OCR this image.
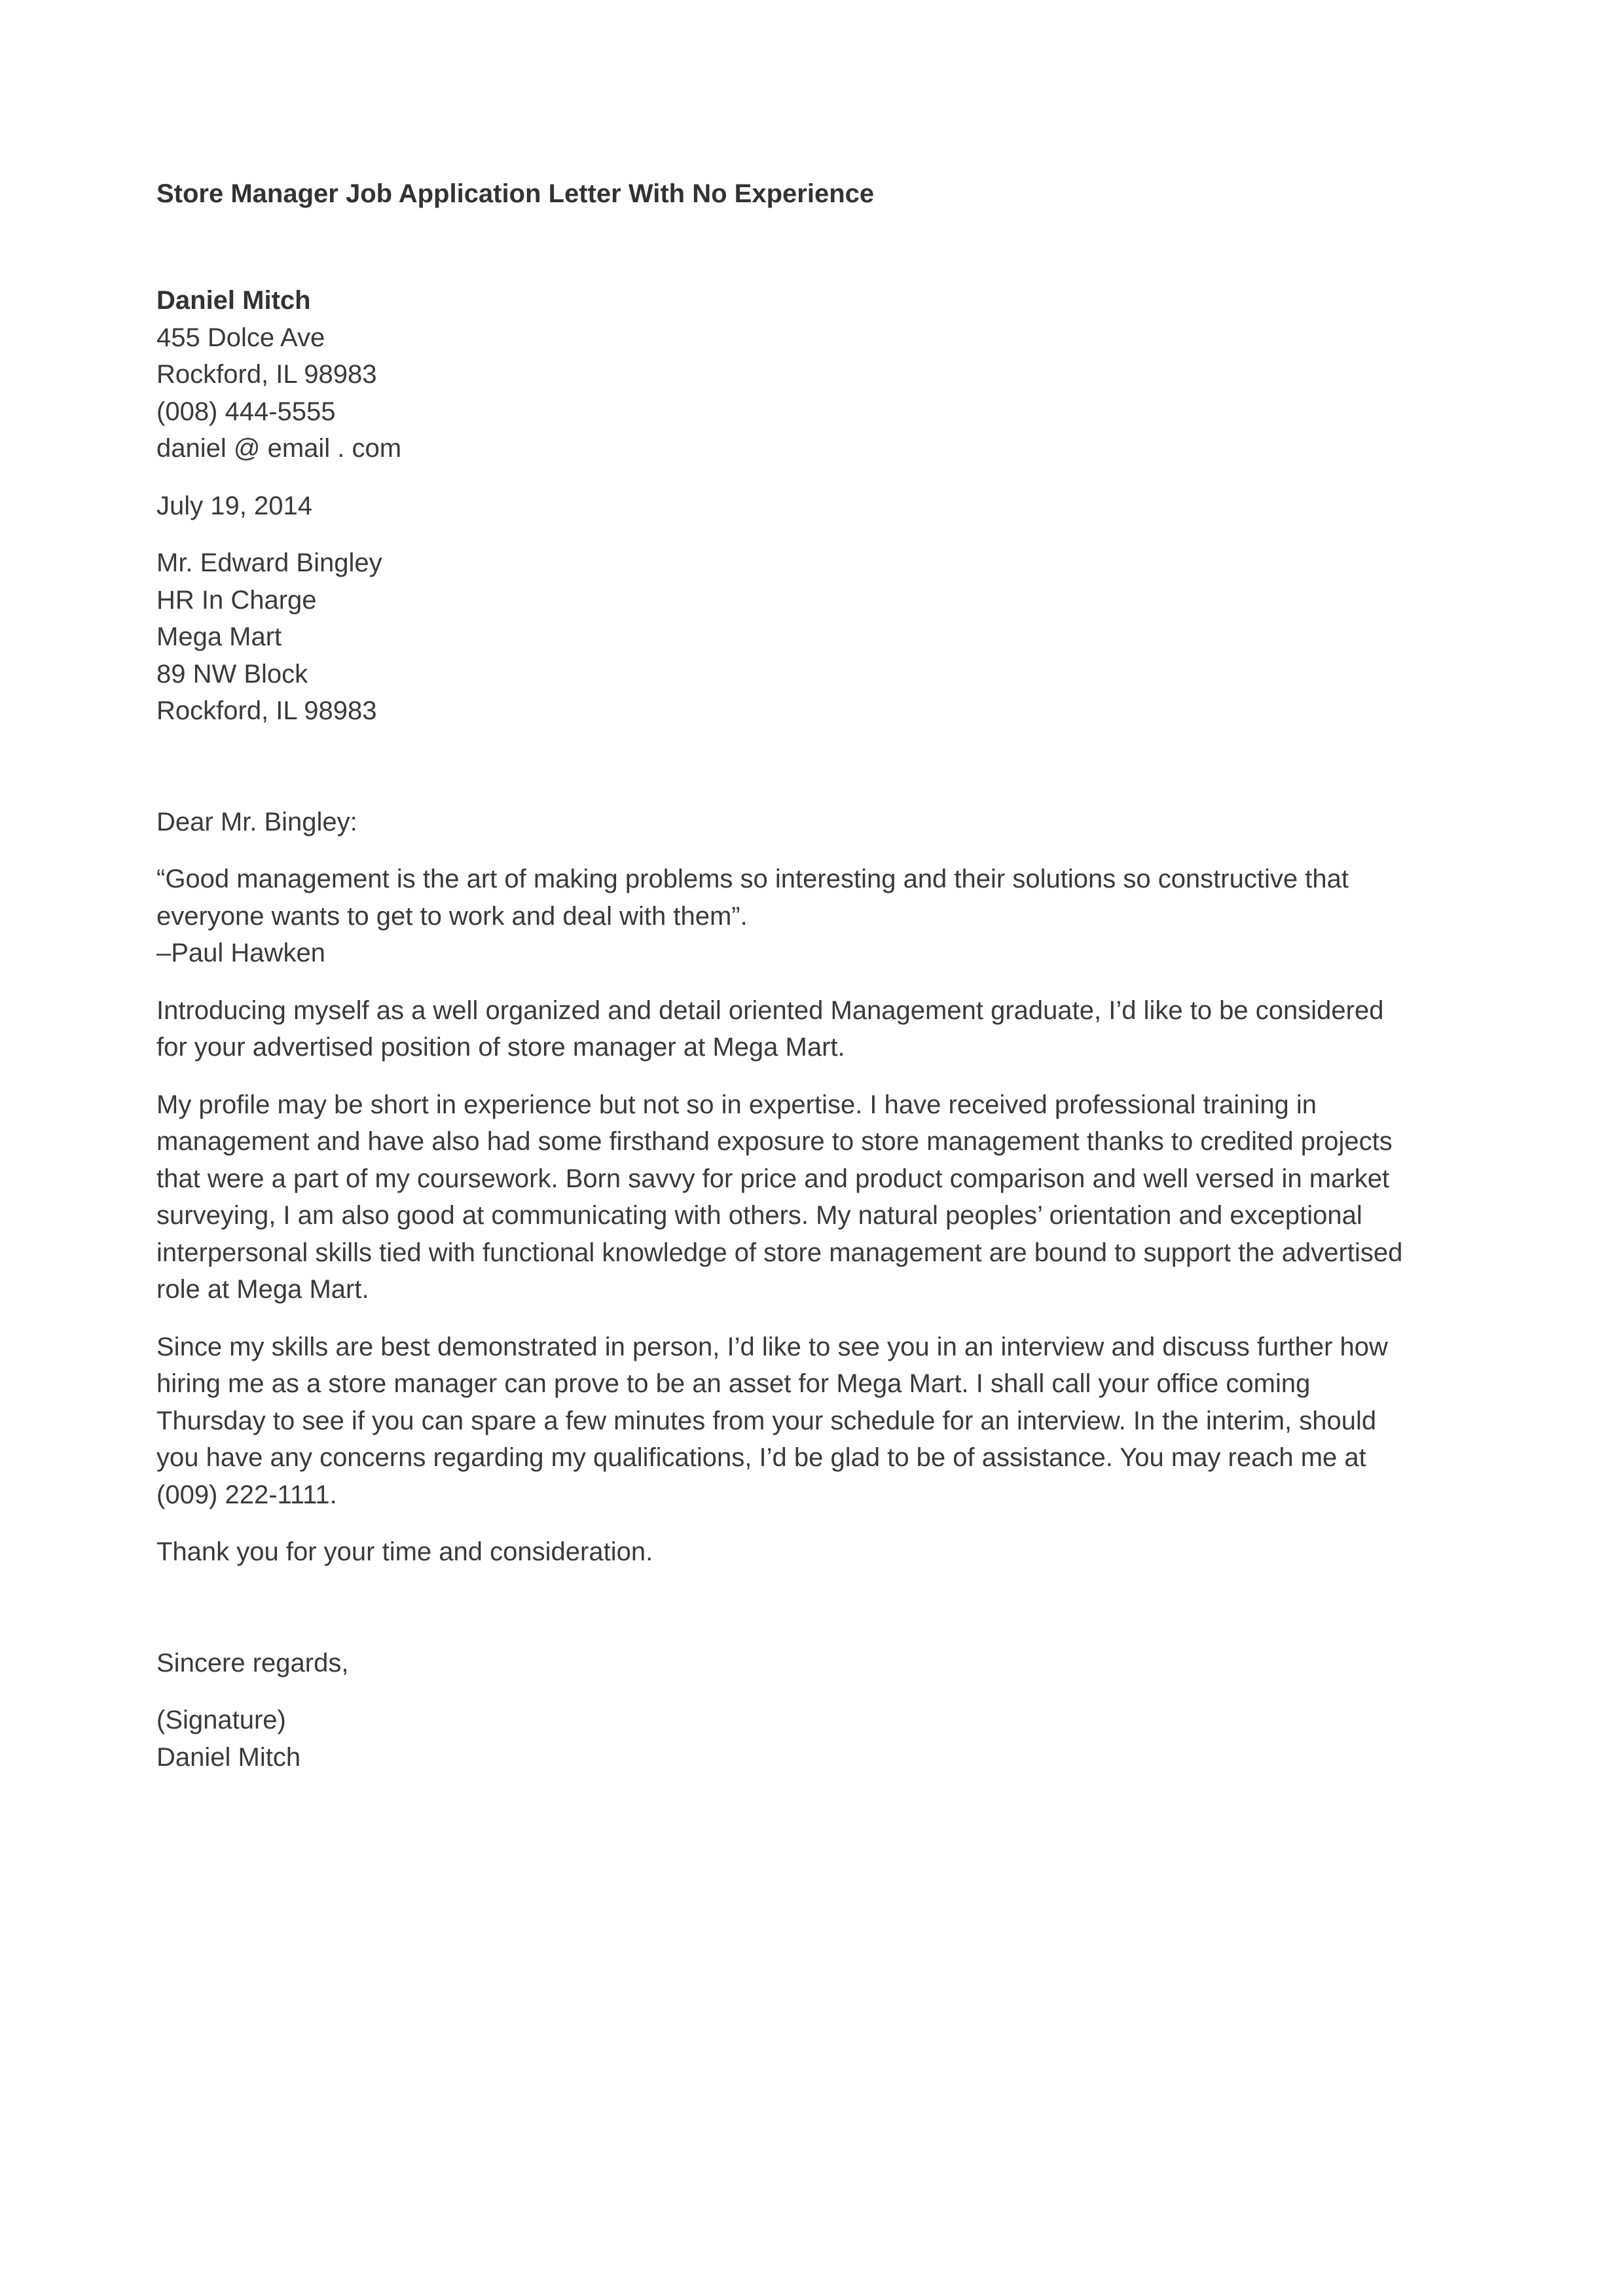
Store Manager Job Application Letter With No Experience
Daniel Mitch
455 Dolce Ave
Rockford, IL 98983
(008) 444-5555
daniel @ email . com
July 19, 2014
Mr. Edward Bingley
HR In Charge
Mega Mart
89 NW Block
Rockford, IL 98983
Dear Mr. Bingley:
“Good management is the art of making problems so interesting and their solutions so constructive that
everyone wants to get to work and deal with them”.
–Paul Hawken
Introducing myself as a well organized and detail oriented Management graduate, I’d like to be considered
for your advertised position of store manager at Mega Mart.
My profile may be short in experience but not so in expertise. I have received professional training in
management and have also had some firsthand exposure to store management thanks to credited projects
that were a part of my coursework. Born savvy for price and product comparison and well versed in market
surveying, I am also good at communicating with others. My natural peoples’ orientation and exceptional
interpersonal skills tied with functional knowledge of store management are bound to support the advertised
role at Mega Mart.
Since my skills are best demonstrated in person, I’d like to see you in an interview and discuss further how
hiring me as a store manager can prove to be an asset for Mega Mart. I shall call your office coming
Thursday to see if you can spare a few minutes from your schedule for an interview. In the interim, should
you have any concerns regarding my qualifications, I’d be glad to be of assistance. You may reach me at
(009) 222-1111.
Thank you for your time and consideration.
Sincere regards,
(Signature)
Daniel Mitch
